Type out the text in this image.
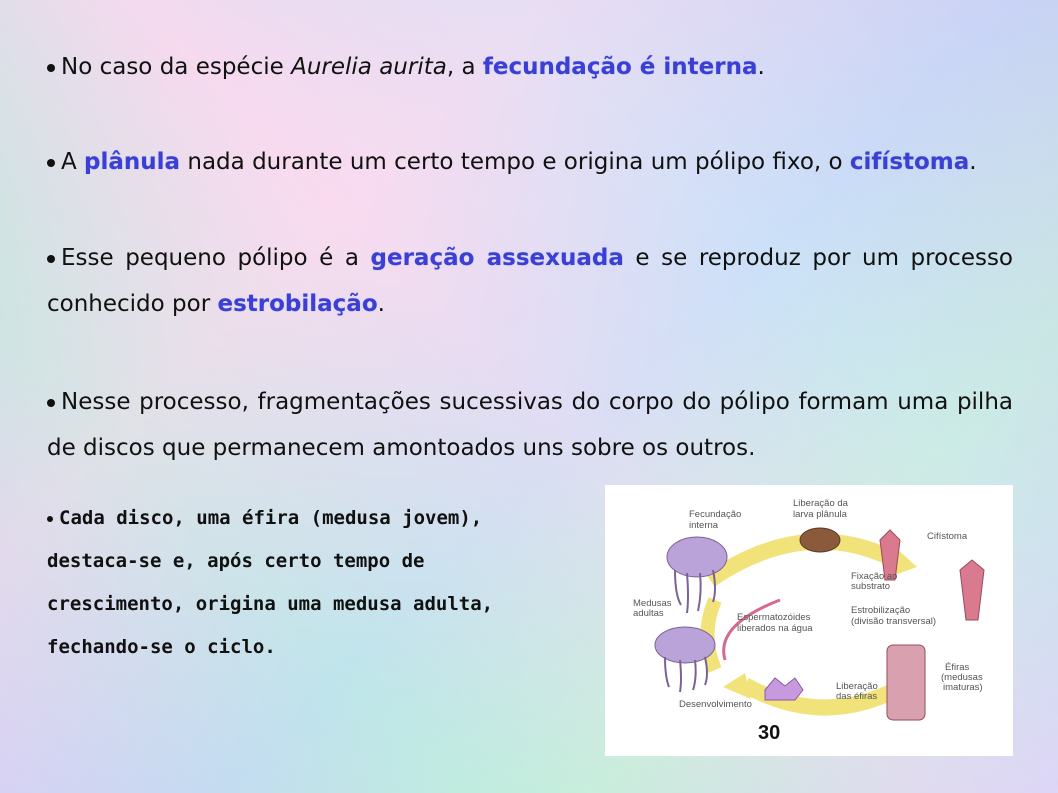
No caso da espécie Aurelia aurita, a fecundação é interna.
A plânula nada durante um certo tempo e origina um pólipo fixo, o cifístoma.
Esse pequeno pólipo é a geração assexuada e se reproduz por um processo conhecido por estrobilação.
Nesse processo, fragmentações sucessivas do corpo do pólipo formam uma pilha de discos que permanecem amontoados uns sobre os outros.
Cada disco, uma éfira (medusa jovem),
destaca-se e, após certo tempo de
crescimento, origina uma medusa adulta,
fechando-se o ciclo.
Fecundação
interna
Liberação da
larva plânula
Cifístoma
Fixação ao
substrato
Medusas
adultas	Espermatozóides
liberados na água
Estrobilização
(divisão transversal)
Éfiras
(medusas
imaturas)
Liberação
das éfiras
Desenvolvimento
30
